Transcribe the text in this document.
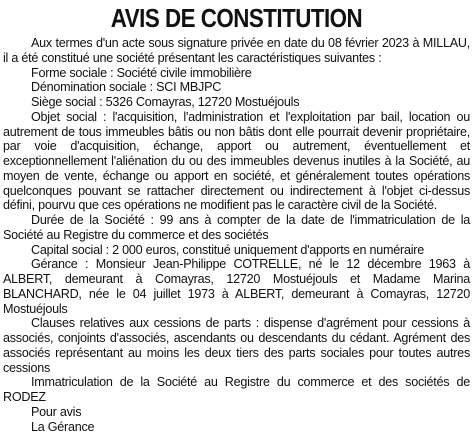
AVIS DE CONSTITUTION

Aux termes d'un acte sous signature privée en date du 08 février 2023 à MILLAU, il a été constitué une société présentant les caractéristiques suivantes :

Forme sociale : Société civile immobilière

Dénomination sociale : SCI MBJPC

Siège social : 5326 Comayras, 12720 Mostuéjouls

Objet social : l'acquisition, l'administration et l'exploitation par bail, location ou autrement de tous immeubles bâtis ou non bâtis dont elle pourrait devenir propriétaire, par voie d'acquisition, échange, apport ou autrement, éventuellement et exceptionnellement l'aliénation du ou des immeubles devenus inutiles à la Société, au moyen de vente, échange ou apport en société, et généralement toutes opérations quelconques pouvant se rattacher directement ou indirectement à l'objet ci-dessus défini, pourvu que ces opérations ne modifient pas le caractère civil de la Société.

Durée de la Société : 99 ans à compter de la date de l'immatriculation de la Société au Registre du commerce et des sociétés

Capital social : 2 000 euros, constitué uniquement d'apports en numéraire

Gérance : Monsieur Jean-Philippe COTRELLE, né le 12 décembre 1963 à ALBERT, demeurant à Comayras, 12720 Mostuéjouls et Madame Marina BLANCHARD, née le 04 juillet 1973 à ALBERT, demeurant à Comayras, 12720 Mostuéjouls

Clauses relatives aux cessions de parts : dispense d'agrément pour cessions à associés, conjoints d'associés, ascendants ou descendants du cédant. Agrément des associés représentant au moins les deux tiers des parts sociales pour toutes autres cessions

Immatriculation de la Société au Registre du commerce et des sociétés de RODEZ

Pour avis

La Gérance
